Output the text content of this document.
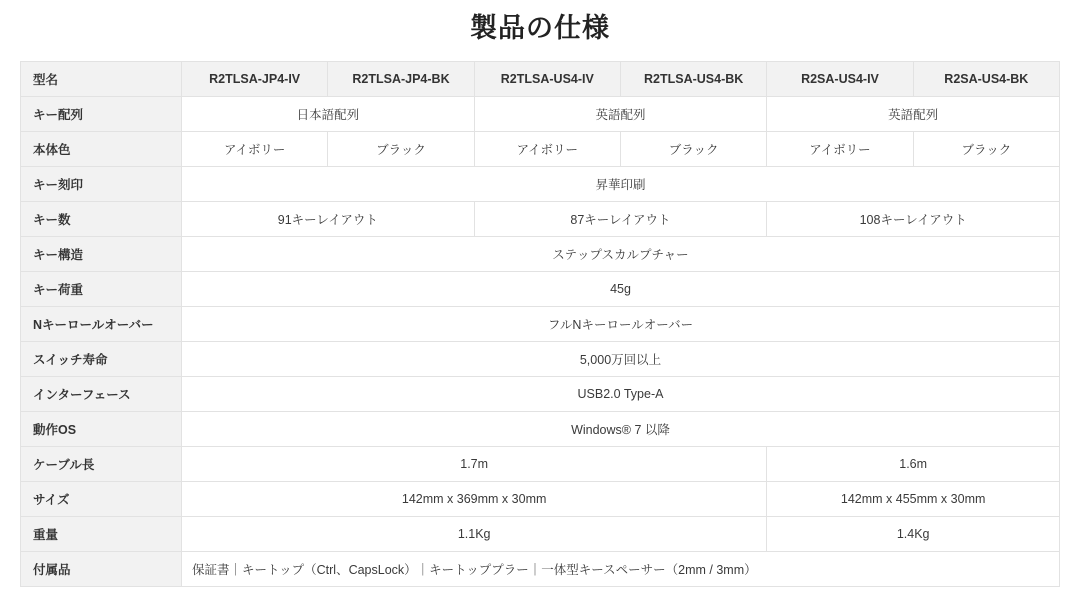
製品の仕様
型名	R2TLSA-JP4-IV	R2TLSA-JP4-BK	R2TLSA-US4-IV	R2TLSA-US4-BK	R2SA-US4-IV	R2SA-US4-BK
キー配列	日本語配列		英語配列		英語配列	
本体色	アイボリー	ブラック	アイボリー	ブラック	アイボリー	ブラック
キー刻印	昇華印刷					
キー数	91キーレイアウト		87キーレイアウト		108キーレイアウト	
キー構造	ステップスカルプチャー					
キー荷重	45g					
Nキーロールオーバー	フルNキーロールオーバー					
スイッチ寿命	5,000万回以上					
インターフェース	USB2.0 Type-A					
動作OS	Windows® 7 以降					
ケーブル長	1.7m				1.6m	
サイズ	142mm x 369mm x 30mm				142mm x 455mm x 30mm	
重量	1.1Kg				1.4Kg	
付属品	保証書｜キートップ（Ctrl、CapsLock）｜キートッププラー｜一体型キースペーサー（2mm / 3mm）					
